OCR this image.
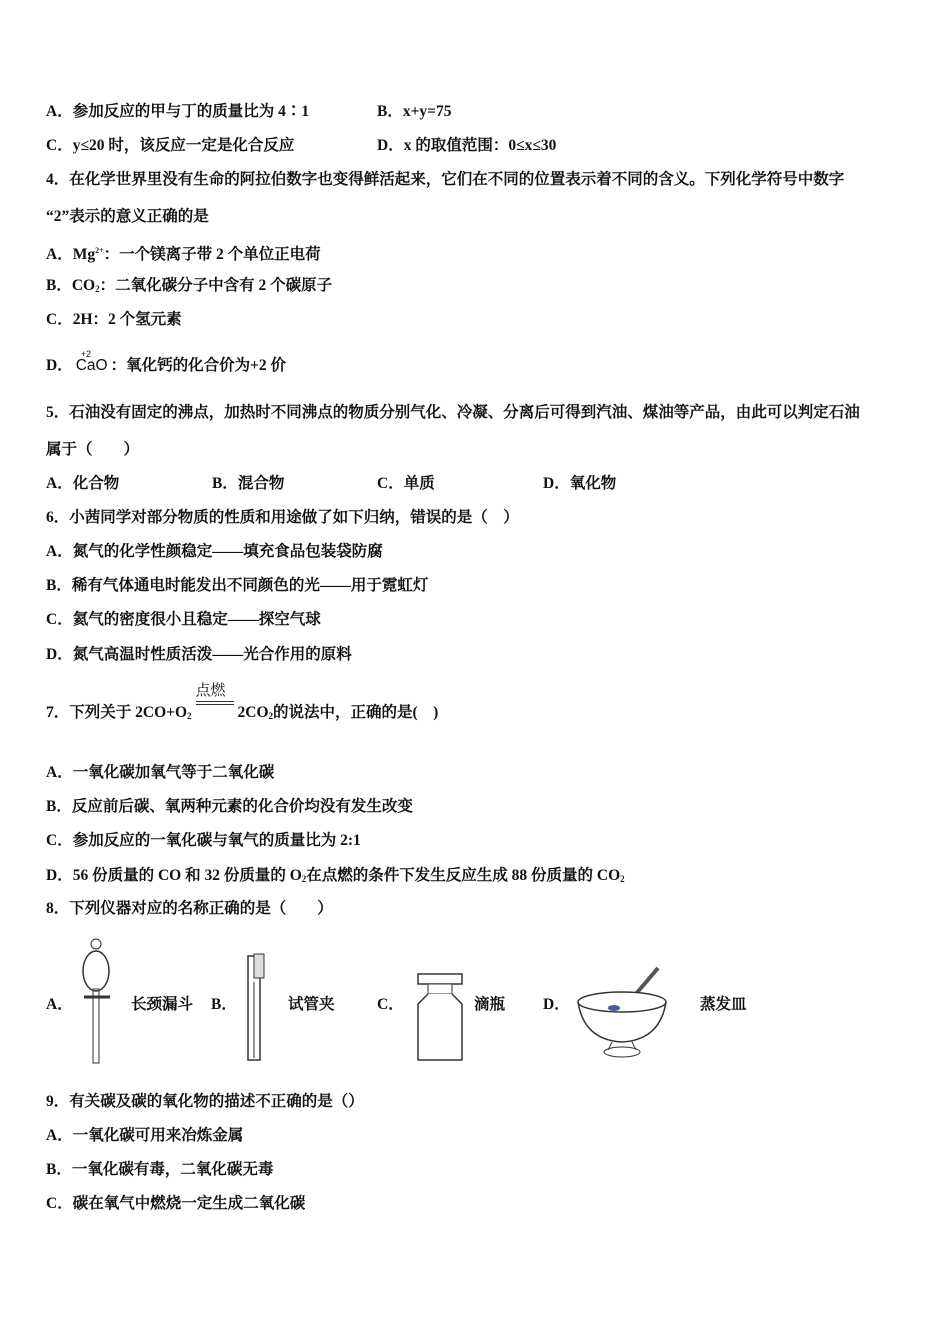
A．参加反应的甲与丁的质量比为 4∶1	B．x+y=75
C．y≤20 时，该反应一定是化合反应	D．x 的取值范围：0≤x≤30
4．在化学世界里没有生命的阿拉伯数字也变得鲜活起来，它们在不同的位置表示着不同的含义。下列化学符号中数字
“2”表示的意义正确的是
A．$Mg^{2+}$：一个镁离子带 2 个单位正电荷
B．$CO_2$：二氧化碳分子中含有 2 个碳原子
C．2H：2 个氢元素
D．
+2
CaO ：氧化钙的化合价为+2 价
5．石油没有固定的沸点，加热时不同沸点的物质分别气化、冷凝、分离后可得到汽油、煤油等产品，由此可以判定石油
属于（　　）
A．化合物	B．混合物	C．单质	D．氧化物
6．小茜同学对部分物质的性质和用途做了如下归纳，错误的是（　）
A．氮气的化学性颜稳定——填充食品包装袋防腐
B．稀有气体通电时能发出不同颜色的光——用于霓虹灯
C．氦气的密度很小且稳定——探空气球
D．氮气高温时性质活泼——光合作用的原料
7．下列关于 $2CO+O_2$
点燃
$2CO_2$的说法中，正确的是(　)
A．一氧化碳加氧气等于二氧化碳
B．反应前后碳、氧两种元素的化合价均没有发生改变
C．参加反应的一氧化碳与氧气的质量比为 2:1
D．56 份质量的 CO 和 32 份质量的 $O_2$在点燃的条件下发生反应生成 88 份质量的 $CO_2$
8．下列仪器对应的名称正确的是（　　）
A．	长颈漏斗 B．	试管夹	C．	滴瓶 D．	蒸发皿
9．有关碳及碳的氧化物的描述不正确的是（）
A．一氧化碳可用来冶炼金属
B．一氧化碳有毒，二氧化碳无毒
C．碳在氧气中燃烧一定生成二氧化碳
